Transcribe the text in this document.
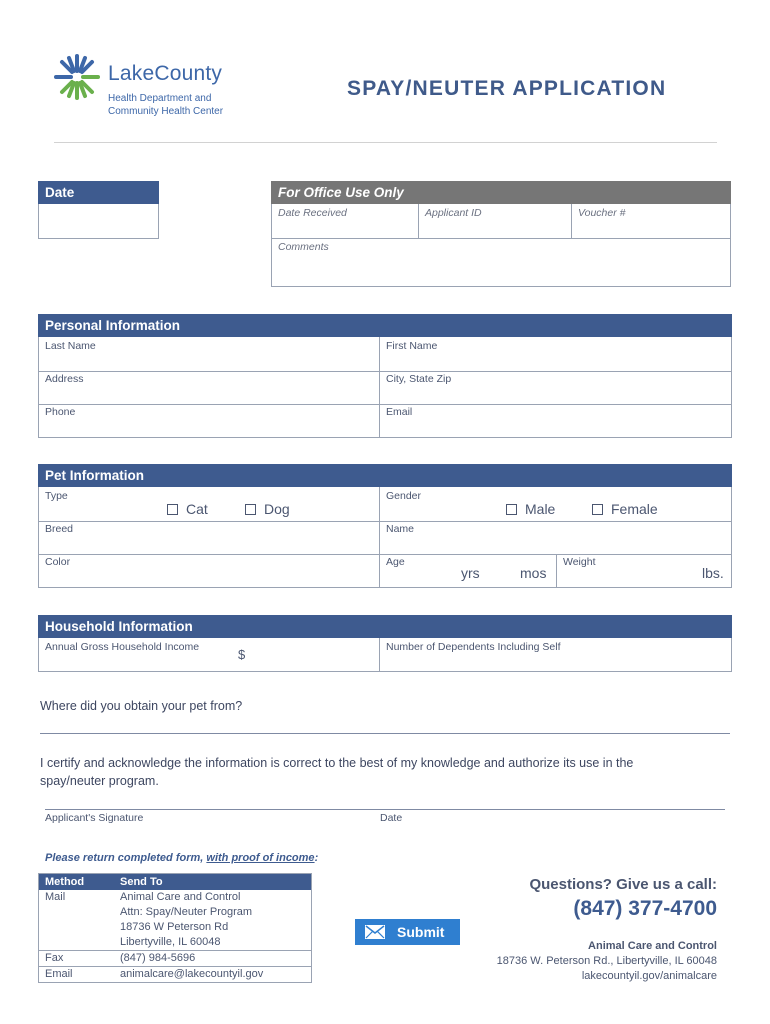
LakeCounty
Health Department and
Community Health Center
SPAY/NEUTER APPLICATION
Date	For Office Use Only
Date Received	Applicant ID	Voucher #
Comments
Personal Information
Last Name	First Name
Address	City, State Zip
Phone	Email
Pet Information
Type
Cat	Dog
Gender
Male	Female
Breed	Name
Color	Age
yrs	mos
Weight
lbs.
Household Information
Annual Gross Household Income	$	Number of Dependents Including Self
Where did you obtain your pet from?
I certify and acknowledge the information is correct to the best of my knowledge and authorize its use in the
spay/neuter program.
Applicant's Signature	Date
Please return completed form, with proof of income:
Method	Send To
Mail	Animal Care and Control
Attn: Spay/Neuter Program
18736 W Peterson Rd
Libertyville, IL 60048

Fax	(847) 984-5696
Email	animalcare@lakecountyil.gov
Submit
Questions? Give us a call:
(847) 377-4700
Animal Care and Control
18736 W. Peterson Rd., Libertyville, IL 60048
lakecountyil.gov/animalcare
